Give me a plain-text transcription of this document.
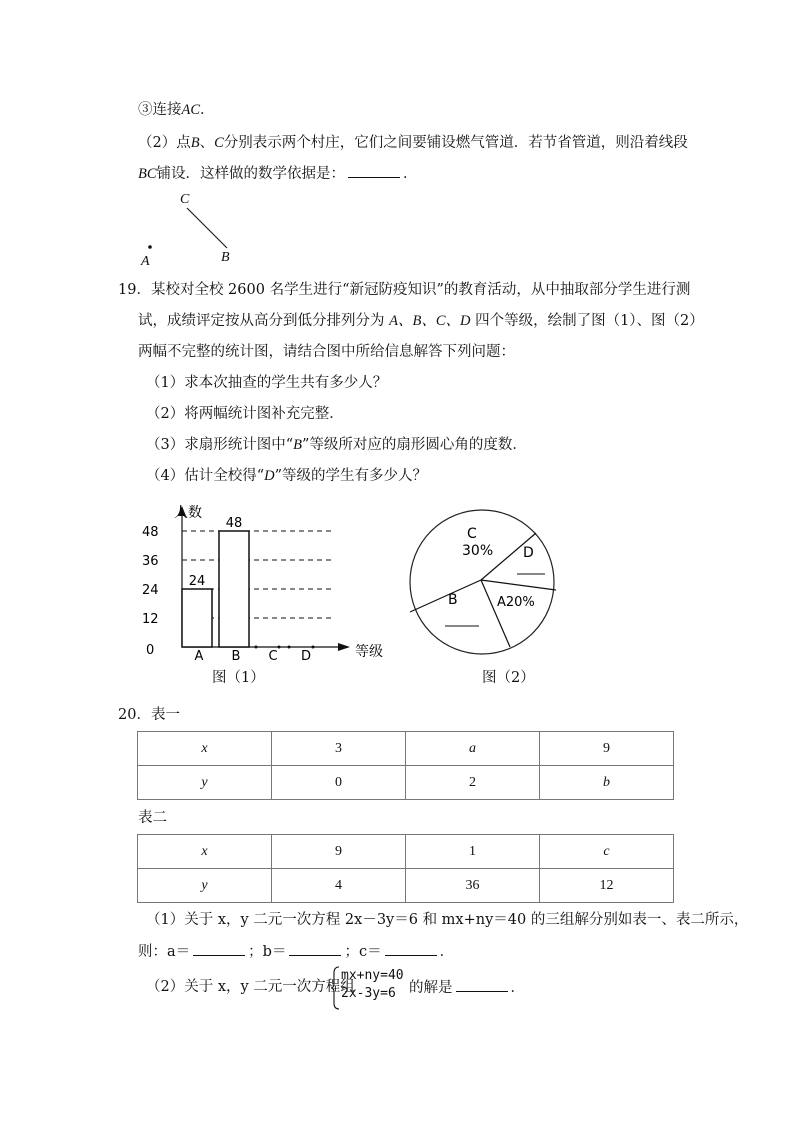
③连接AC．
（2）点B、C分别表示两个村庄，它们之间要铺设燃气管道．若节省管道，则沿着线段
BC铺设．这样做的数学依据是：	．
C
A	B
19．某校对全校 2600 名学生进行“新冠防疫知识”的教育活动，从中抽取部分学生进行测
试，成绩评定按从高分到低分排列分为 A、B、C、D 四个等级，绘制了图（1）、图（2）
两幅不完整的统计图，请结合图中所给信息解答下列问题：
（1）求本次抽查的学生共有多少人？
（2）将两幅统计图补充完整．
（3）求扇形统计图中“B”等级所对应的扇形圆心角的度数．
（4）估计全校得“D”等级的学生有多少人？
人数
等级
0
12
24
36
48
24
A
48
B C D
图（1）
C
30% D
B	A20%
图（2）
20．表一
x	3	a	9
y	0	2	b
表二
x	9	1	c
y	4	36	12
（1）关于 x，y 二元一次方程 2x－3y＝6 和 mx+ny＝40 的三组解分别如表一、表二所示，
则：a＝	；b＝	；c＝	．
（2）关于 x，y 二元一次方程组
mx+ny=40
2x-3y=6 的解是	．
